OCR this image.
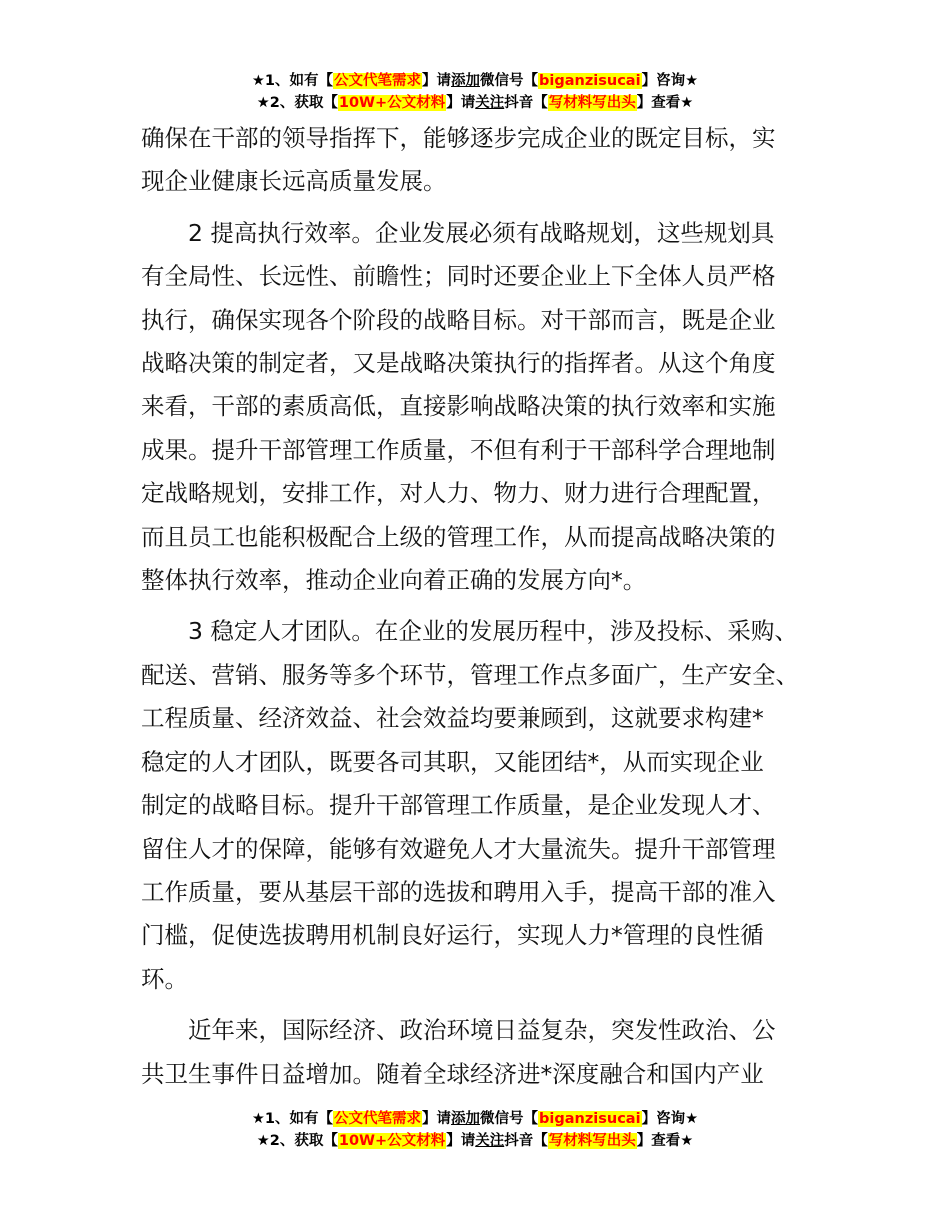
★1、如有【公文代笔需求】请添加微信号【biganzisucai】咨询★
★2、获取【10W+公文材料】请关注抖音【写材料写出头】查看★

确保在干部的领导指挥下，能够逐步完成企业的既定目标，实
现企业健康长远高质量发展。

2 提高执行效率。企业发展必须有战略规划，这些规划具
有全局性、长远性、前瞻性；同时还要企业上下全体人员严格
执行，确保实现各个阶段的战略目标。对干部而言，既是企业
战略决策的制定者，又是战略决策执行的指挥者。从这个角度
来看，干部的素质高低，直接影响战略决策的执行效率和实施
成果。提升干部管理工作质量，不但有利于干部科学合理地制
定战略规划，安排工作，对人力、物力、财力进行合理配置，
而且员工也能积极配合上级的管理工作，从而提高战略决策的
整体执行效率，推动企业向着正确的发展方向*。

3 稳定人才团队。在企业的发展历程中，涉及投标、采购、
配送、营销、服务等多个环节，管理工作点多面广，生产安全、
工程质量、经济效益、社会效益均要兼顾到，这就要求构建*
稳定的人才团队，既要各司其职，又能团结*，从而实现企业
制定的战略目标。提升干部管理工作质量，是企业发现人才、
留住人才的保障，能够有效避免人才大量流失。提升干部管理
工作质量，要从基层干部的选拔和聘用入手，提高干部的准入
门槛，促使选拔聘用机制良好运行，实现人力*管理的良性循
环。

近年来，国际经济、政治环境日益复杂，突发性政治、公
共卫生事件日益增加。随着全球经济进*深度融合和国内产业

★1、如有【公文代笔需求】请添加微信号【biganzisucai】咨询★
★2、获取【10W+公文材料】请关注抖音【写材料写出头】查看★
